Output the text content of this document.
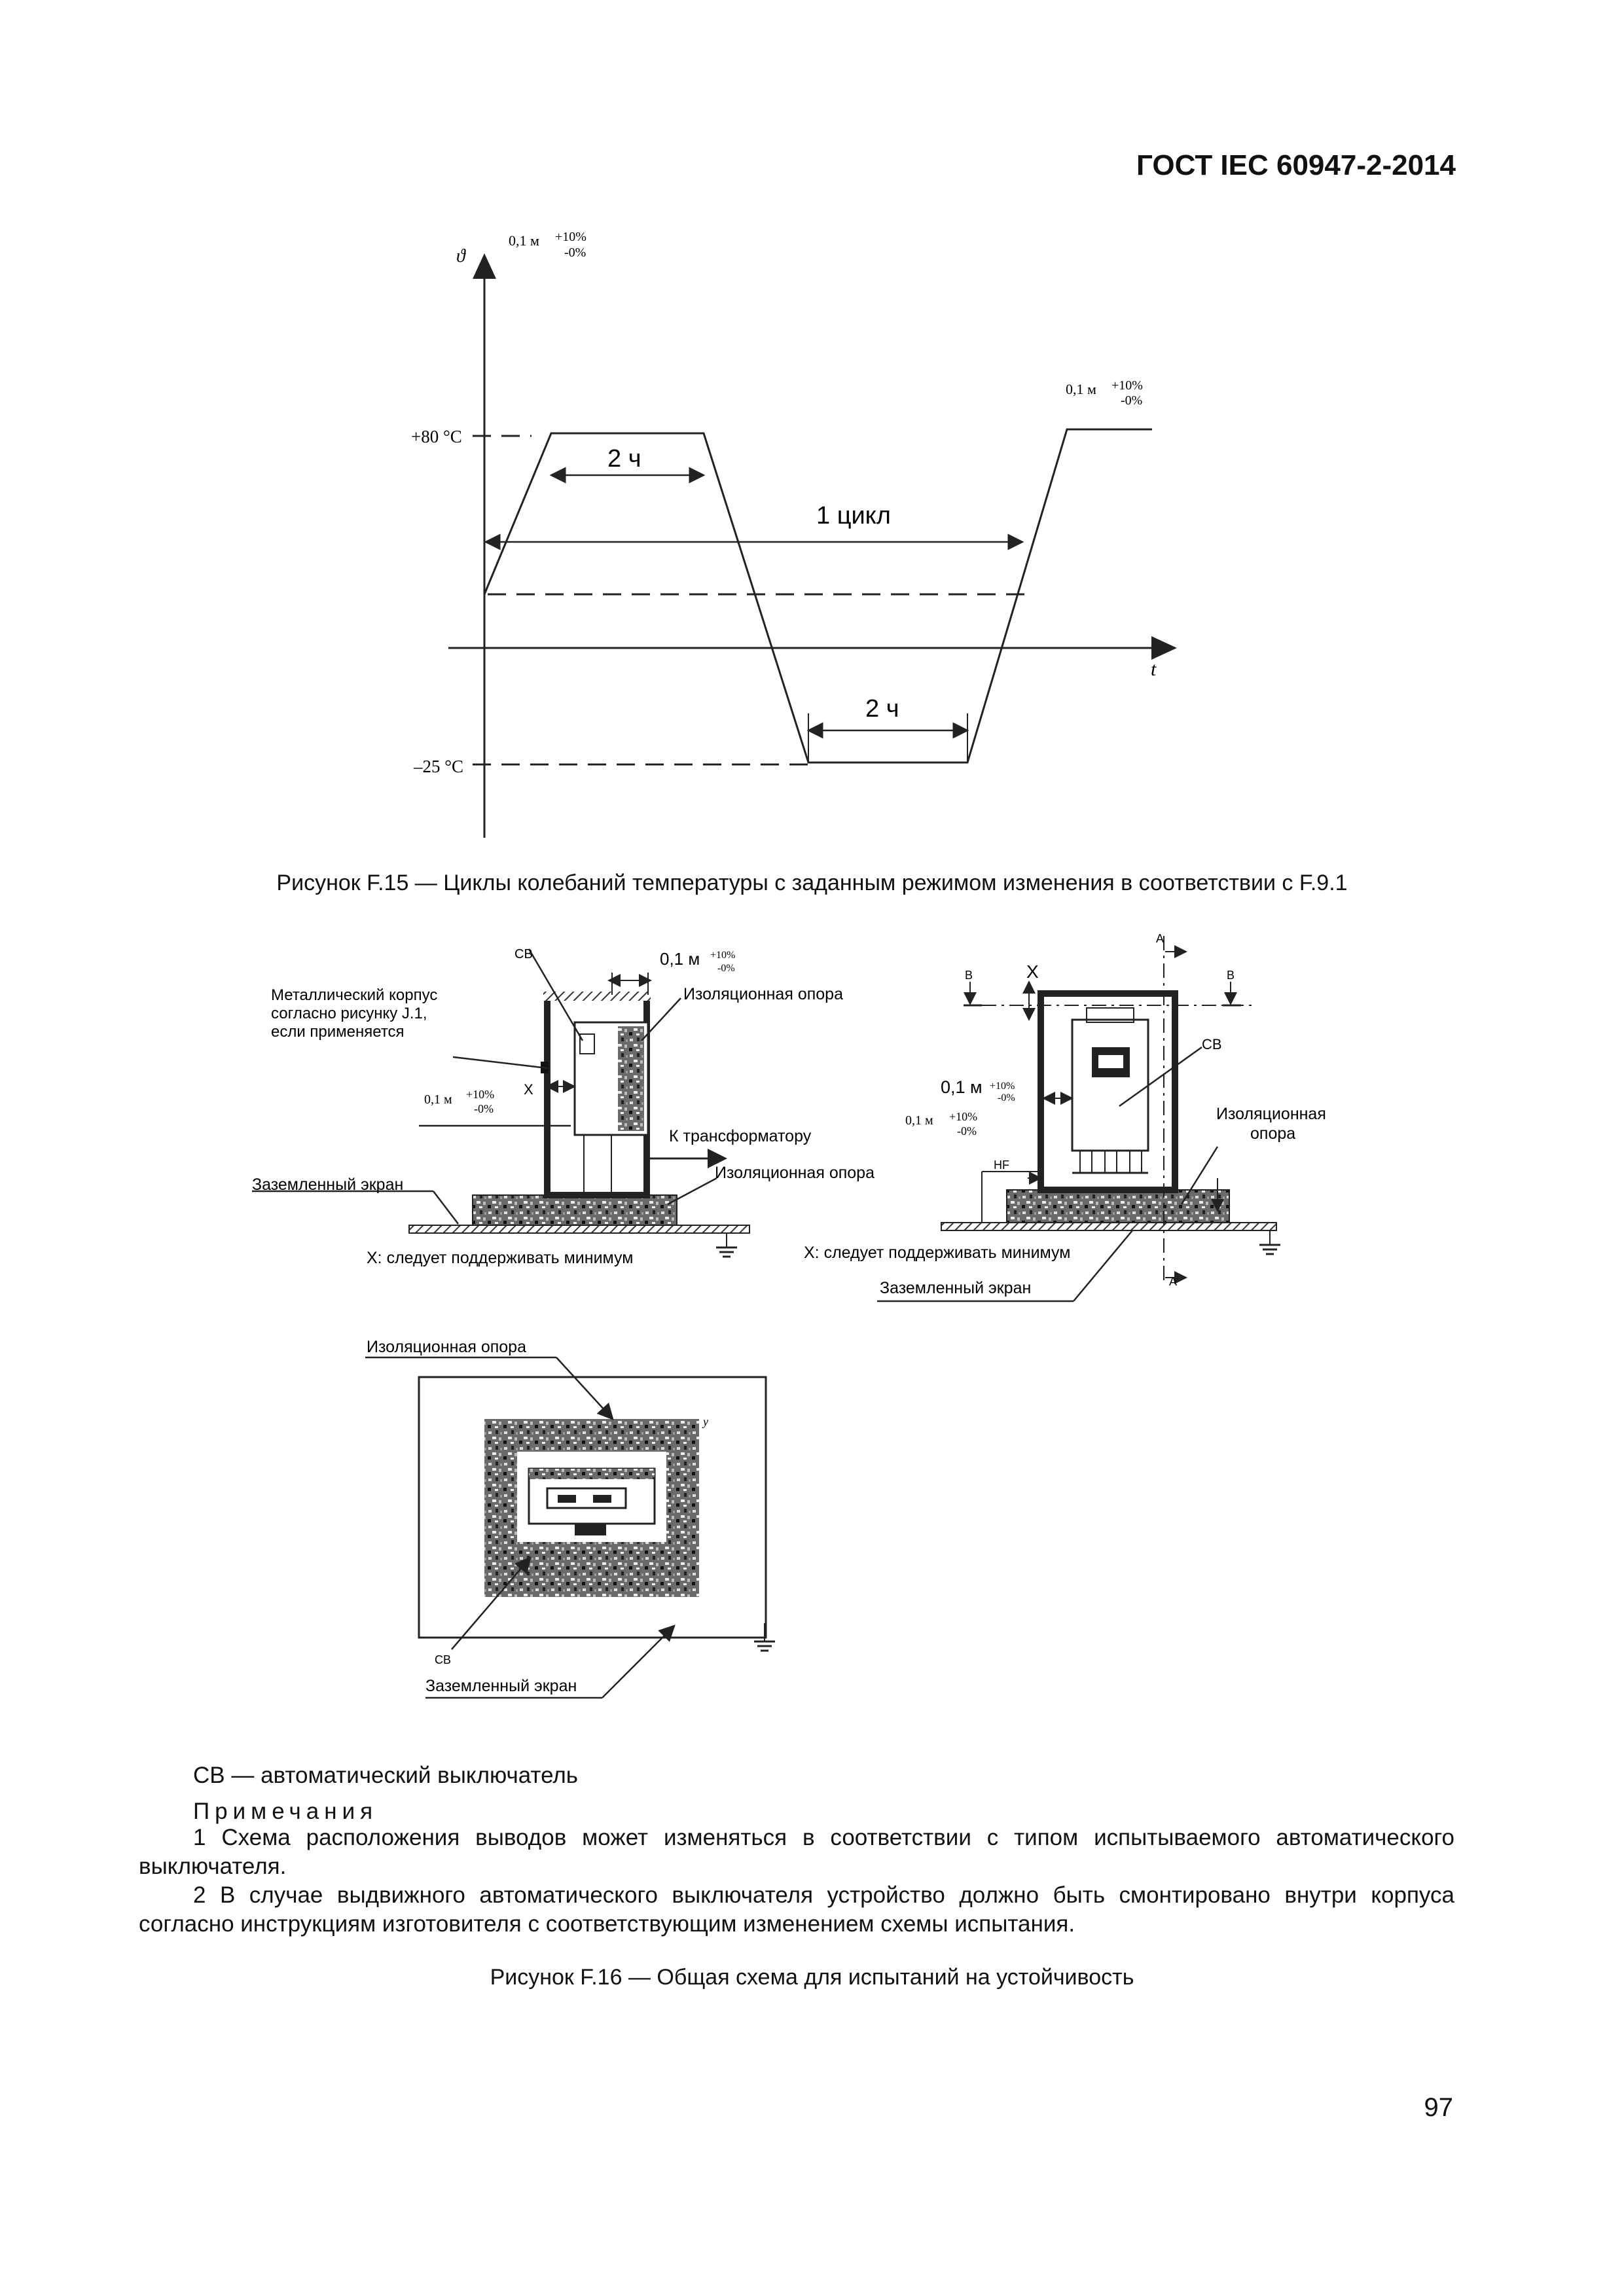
ГОСТ IEC 60947-2-2014
ϑ
t
0,1 м +10%
-0%
0,1 м +10%
-0%
+80 °C
–25 °C
2 ч
1 цикл
2 ч
Рисунок F.15 — Циклы колебаний температуры с заданным режимом изменения в соответствии с F.9.1
СВ	0,1 м +10%
-0%
Металлический корпус
согласно рисунку J.1,
если применяется
Изоляционная опора
X
0,1 м +10%
-0%
К трансформатору
Изоляционная опора
Заземленный экран
X: следует поддерживать минимум
A
A
B	B
X
СВ
0,1 м +10%
-0%
0,1 м +10%
-0%
Изоляционная
опора
HF
X: следует поддерживать минимум
Заземленный экран
Изоляционная опора
СВ
y
Заземленный экран
СВ — автоматический выключатель
Примечания
1 Схема расположения выводов может изменяться в соответствии с типом испытываемого автоматического выключателя.
2 В случае выдвижного автоматического выключателя устройство должно быть смонтировано внутри корпуса согласно инструкциям изготовителя с соответствующим изменением схемы испытания.
Рисунок F.16 — Общая схема для испытаний на устойчивость
97
